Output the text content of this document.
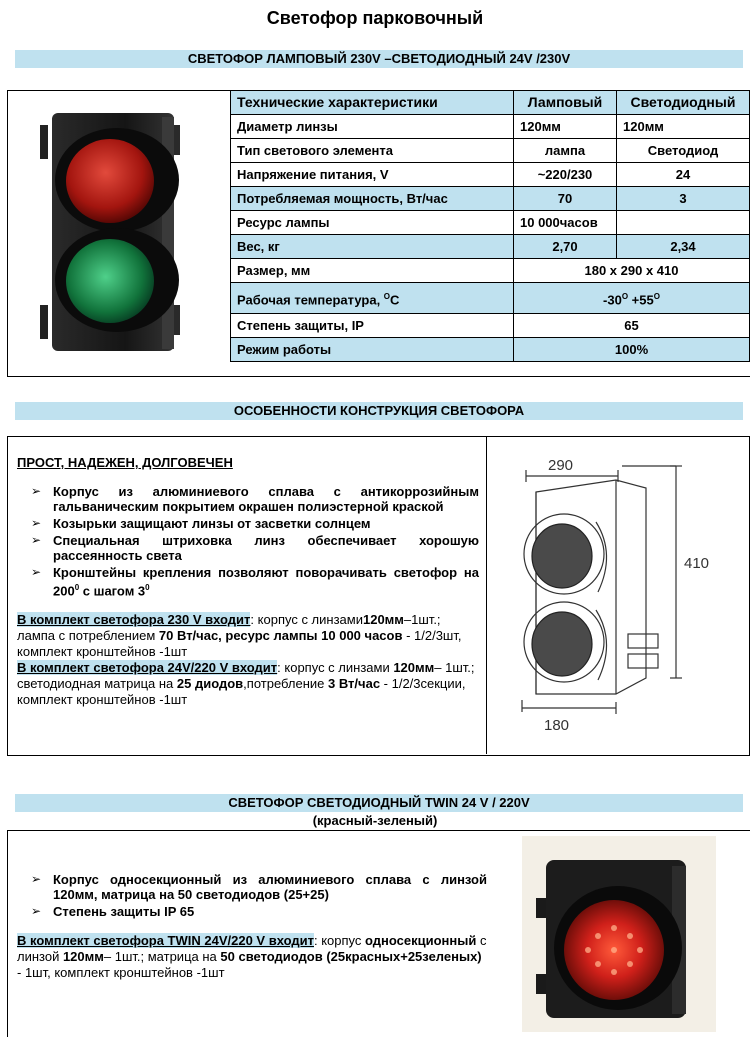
Светофор парковочный
СВЕТОФОР ЛАМПОВЫЙ 230V –СВЕТОДИОДНЫЙ 24V /230V
Технические характеристики	Ламповый	Светодиодный
Диаметр линзы	120мм	120мм
Тип светового элемента	лампа	Светодиод
Напряжение питания, V	~220/230	24
Потребляемая мощность, Вт/час	70	3
Ресурс лампы	10 000часов	
Вес, кг	2,70	2,34
Размер, мм	180 x 290 x 410	
Рабочая температура, $^O$C	$-30^O +55^O$
Степень защиты, IP	65	
Режим работы	100%	
ОСОБЕННОСТИ КОНСТРУКЦИЯ СВЕТОФОРА
ПРОСТ, НАДЕЖЕН, ДОЛГОВЕЧЕН
➢ Корпус из алюминиевого сплава с антикоррозийным гальваническим покрытием окрашен полиэстерной краской
➢ Козырьки защищают линзы от засветки солнцем
➢ Специальная штриховка линз обеспечивает хорошую рассеянность света
➢ Кронштейны крепления позволяют поворачивать светофор на $200^0$ с шагом $3^0$
В комплект светофора 230 V входит: корпус с линзами120мм–1шт.; лампа с потреблением 70 Вт/час, ресурс лампы 10 000 часов - 1/2/3шт, комплект кронштейнов -1шт
В комплект светофора 24V/220 V входит: корпус с линзами 120мм– 1шт.; светодиодная матрица на 25 диодов,потребление 3 Вт/час - 1/2/3секции, комплект кронштейнов -1шт
290
410
180
СВЕТОФОР СВЕТОДИОДНЫЙ TWIN 24 V / 220V
(красный-зеленый)
➢ Корпус односекционный из алюминиевого сплава с линзой 120мм, матрица на 50 светодиодов (25+25)
➢ Степень защиты IP 65
В комплект светофора TWIN 24V/220 V входит: корпус односекционный с линзой 120мм– 1шт.; матрица на 50 светодиодов (25красных+25зеленых) - 1шт, комплект кронштейнов -1шт
